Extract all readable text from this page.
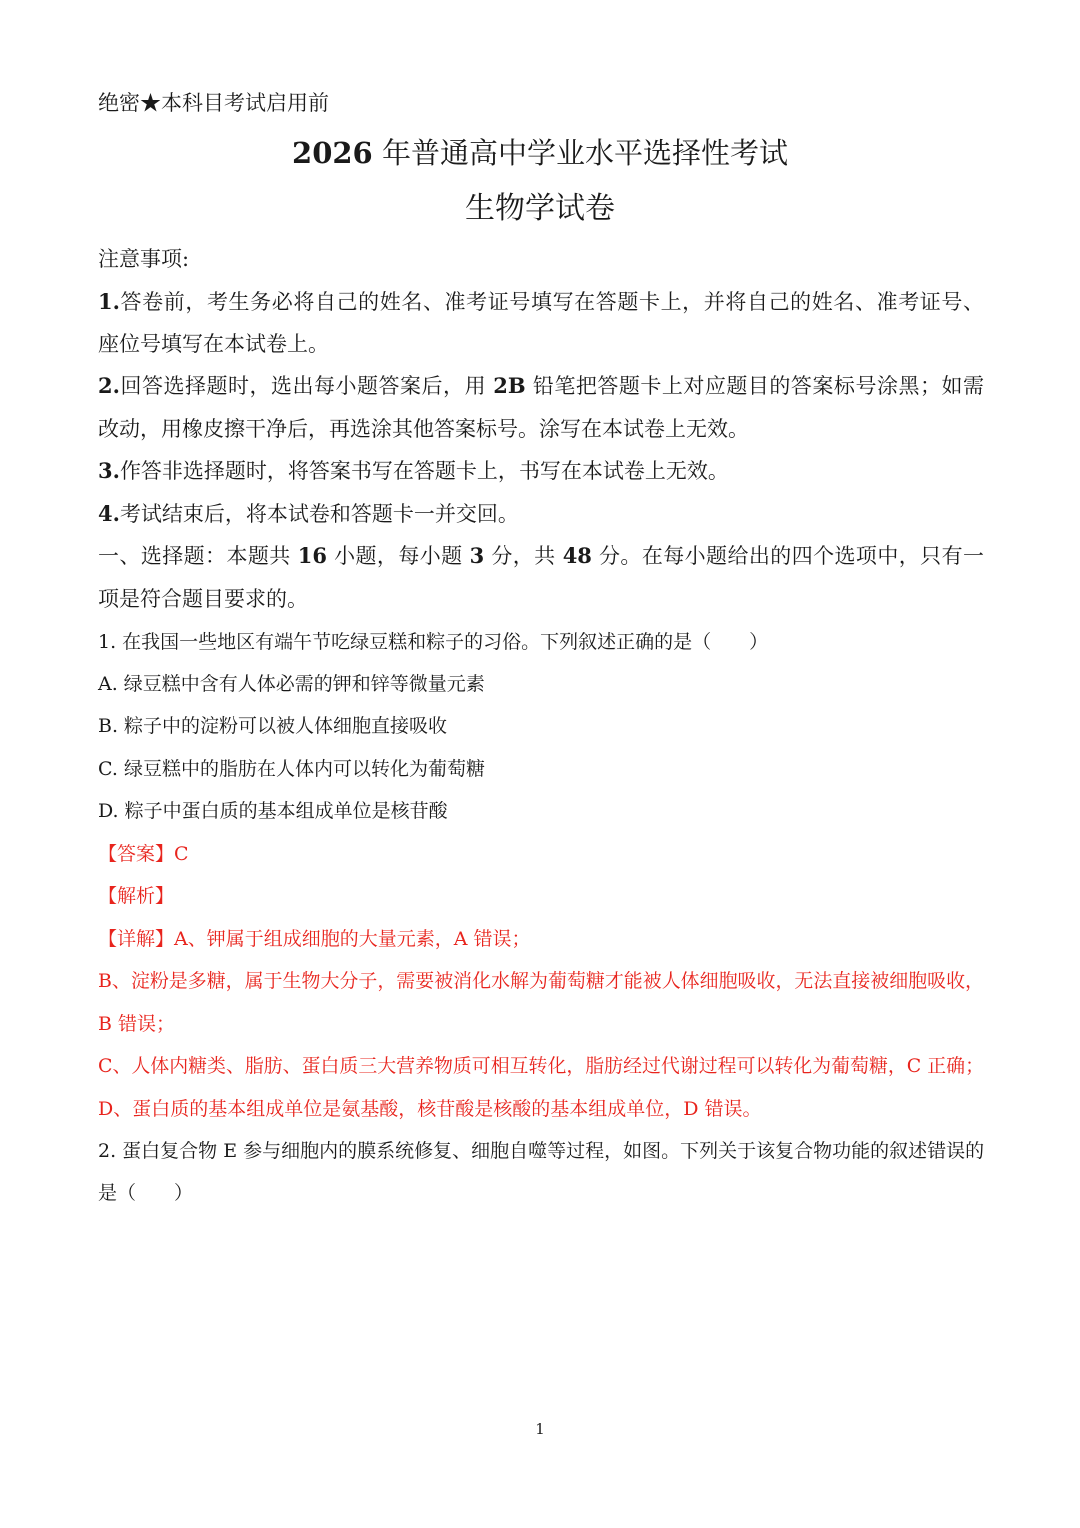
绝密★本科目考试启用前
2026 年普通高中学业水平选择性考试
生物学试卷
注意事项:
1.答卷前，考生务必将自己的姓名、准考证号填写在答题卡上，并将自己的姓名、准考证号、
座位号填写在本试卷上。
2.回答选择题时，选出每小题答案后，用 2B 铅笔把答题卡上对应题目的答案标号涂黑；如需
改动，用橡皮擦干净后，再选涂其他答案标号。涂写在本试卷上无效。
3.作答非选择题时，将答案书写在答题卡上，书写在本试卷上无效。
4.考试结束后，将本试卷和答题卡一并交回。
一、选择题：本题共 16 小题，每小题 3 分，共 48 分。在每小题给出的四个选项中，只有一
项是符合题目要求的。
1. 在我国一些地区有端午节吃绿豆糕和粽子的习俗。下列叙述正确的是（　　）
A. 绿豆糕中含有人体必需的钾和锌等微量元素
B. 粽子中的淀粉可以被人体细胞直接吸收
C. 绿豆糕中的脂肪在人体内可以转化为葡萄糖
D. 粽子中蛋白质的基本组成单位是核苷酸
【答案】C
【解析】
【详解】A、钾属于组成细胞的大量元素，A 错误；
B、淀粉是多糖，属于生物大分子，需要被消化水解为葡萄糖才能被人体细胞吸收，无法直接被细胞吸收，
B 错误；
C、人体内糖类、脂肪、蛋白质三大营养物质可相互转化，脂肪经过代谢过程可以转化为葡萄糖，C 正确；
D、蛋白质的基本组成单位是氨基酸，核苷酸是核酸的基本组成单位，D 错误。
2. 蛋白复合物 E 参与细胞内的膜系统修复、细胞自噬等过程，如图。下列关于该复合物功能的叙述错误的
是（　　）
1
